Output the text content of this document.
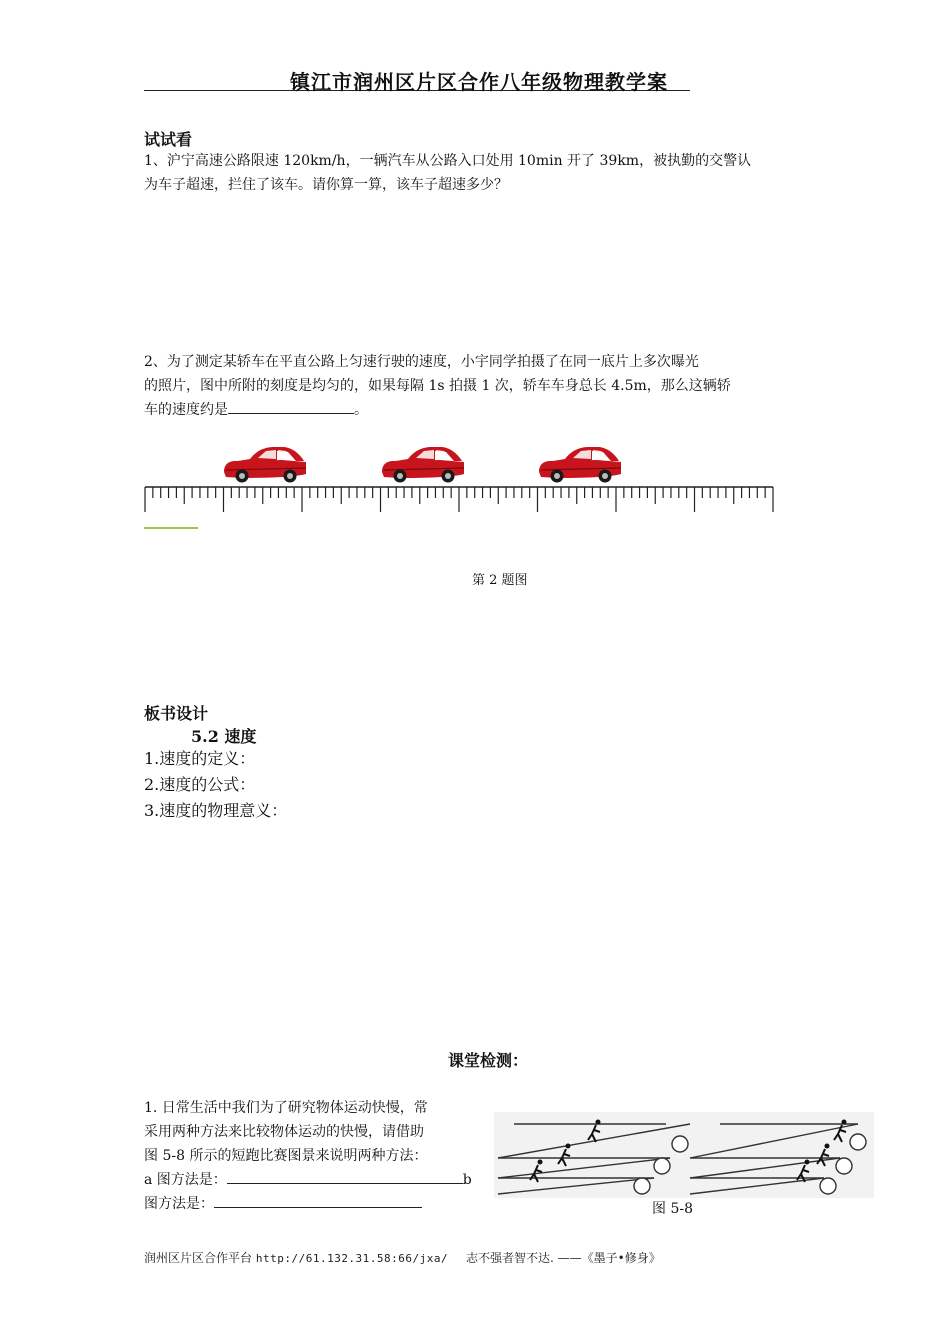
镇江市润州区片区合作八年级物理教学案
试试看
1、沪宁高速公路限速 120km/h，一辆汽车从公路入口处用 10min 开了 39km，被执勤的交警认
为车子超速，拦住了该车。请你算一算，该车子超速多少？
2、为了测定某轿车在平直公路上匀速行驶的速度，小宇同学拍摄了在同一底片上多次曝光
的照片，图中所附的刻度是均匀的，如果每隔 1s 拍摄 1 次，轿车车身总长 4.5m，那么这辆轿
车的速度约是	。
第 2 题图
板书设计
5.2 速度
1.速度的定义：
2.速度的公式：
3.速度的物理意义：
课堂检测：
1. 日常生活中我们为了研究物体运动快慢，常
采用两种方法来比较物体运动的快慢，请借助
图 5-8 所示的短跑比赛图景来说明两种方法：
a 图方法是：	b
图方法是：	图 5-8
润州区片区合作平台 http://61.132.31.58:66/jxa/ 志不强者智不达. ——《墨子•修身》
